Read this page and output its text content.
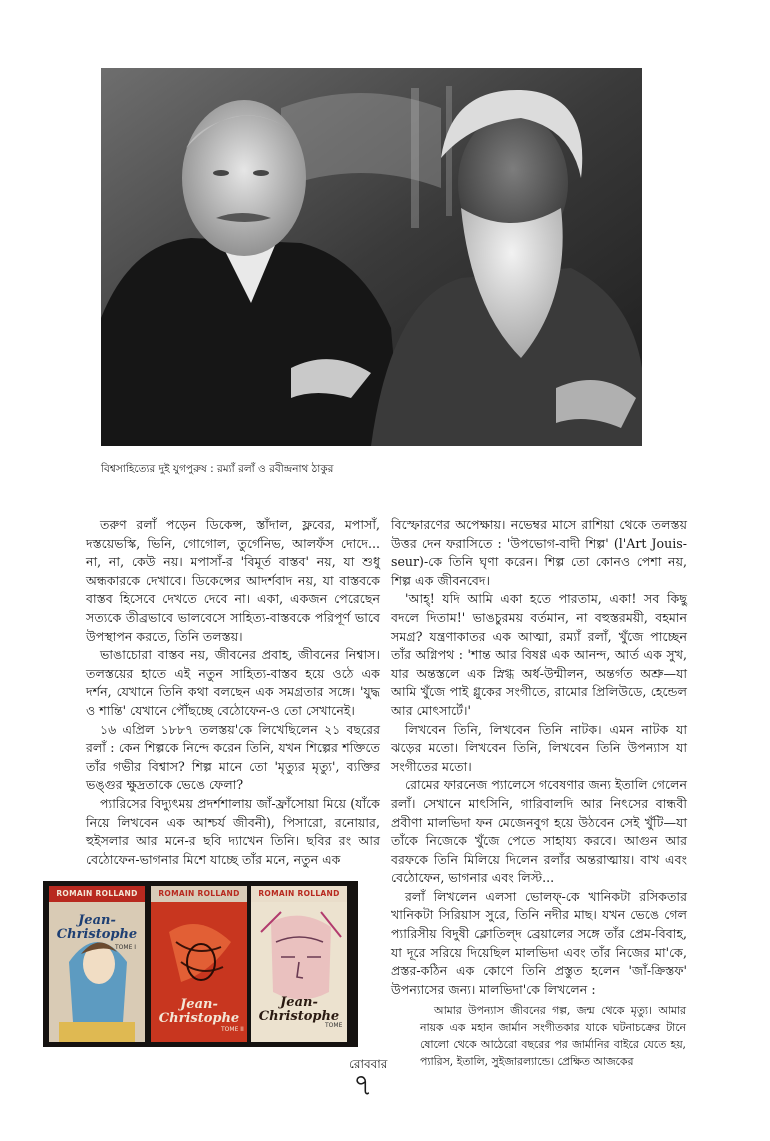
বিশ্বসাহিত্যের দুই যুগপুরুষ : রম্যাঁ রলাঁ ও রবীন্দ্রনাথ ঠাকুর

তরুণ রলাঁ পড়েন ডিকেন্স, স্তাঁদাল, ফ্লবের, মপাসাঁ, দস্তয়েভস্কি, ভিনি, গোগোল, তুর্গেনিভ, আলফঁস দোদে... না, না, কেউ নয়। মপাসাঁ-র 'বিমূর্ত বাস্তব' নয়, যা শুধু অন্ধকারকে দেখাবে। ডিকেন্সের আদর্শবাদ নয়, যা বাস্তবকে বাস্তব হিসেবে দেখতে দেবে না। একা, একজন পেরেছেন সত্যকে তীব্রভাবে ভালবেসে সাহিত্য-বাস্তবকে পরিপূর্ণ ভাবে উপস্থাপন করতে, তিনি তলস্তয়।

ভাঙাচোরা বাস্তব নয়, জীবনের প্রবাহ, জীবনের নিশ্বাস। তলস্তয়ের হাতে এই নতুন সাহিত্য-বাস্তব হয়ে ওঠে এক দর্শন, যেখানে তিনি কথা বলছেন এক সমগ্রতার সঙ্গে। 'যুদ্ধ ও শান্তি' যেখানে পৌঁছচ্ছে বেঠোফেন-ও তো সেখানেই।

১৬ এপ্রিল ১৮৮৭ তলস্তয়'কে লিখেছিলেন ২১ বছরের রলাঁ : কেন শিল্পকে নিন্দে করেন তিনি, যখন শিল্পের শক্তিতে তাঁর গভীর বিশ্বাস? শিল্প মানে তো 'মৃত্যুর মৃত্যু', ব্যক্তির ভঙ্গুর ক্ষুদ্রতাকে ভেঙে ফেলা?

প্যারিসের বিদ্যুৎময় প্রদর্শশালায় জাঁ-ফ্রাঁসোয়া মিয়ে (যাঁকে নিয়ে লিখবেন এক আশ্চর্য জীবনী), পিসারো, রনোয়ার, হুইসলার আর মনে-র ছবি দ্যাখেন তিনি। ছবির রং আর বেঠোফেন-ভাগনার মিশে যাচ্ছে তাঁর মনে, নতুন এক

বিস্ফোরণের অপেক্ষায়। নভেম্বর মাসে রাশিয়া থেকে তলস্তয় উত্তর দেন ফরাসিতে : 'উপভোগ-বাদী শিল্প' (l'Art Jouis-seur)-কে তিনি ঘৃণা করেন। শিল্প তো কোনও পেশা নয়, শিল্প এক জীবনবেদ।

'আহ্! যদি আমি একা হতে পারতাম, একা! সব কিছু বদলে দিতাম!' ভাঙচুরময় বর্তমান, না বহুস্তরময়ী, বহমান সমগ্র? যন্ত্রণাকাতর এক আত্মা, রম্যাঁ রলাঁ, খুঁজে পাচ্ছেন তাঁর অগ্নিপথ : 'শান্ত আর বিষণ্ণ এক আনন্দ, আর্ত এক সুখ, যার অন্তস্তলে এক স্নিগ্ধ অর্ধ-উন্মীলন, অন্তর্গত অশ্রু—যা আমি খুঁজে পাই গ্লুকের সংগীতে, রামোর প্রিলিউডে, হেন্ডেল আর মোৎসার্টে।'

লিখবেন তিনি, লিখবেন তিনি নাটক। এমন নাটক যা ঝড়ের মতো। লিখবেন তিনি, লিখবেন তিনি উপন্যাস যা সংগীতের মতো।

রোমের ফারনেজ প্যালেসে গবেষণার জন্য ইতালি গেলেন রলাঁ। সেখানে মাৎসিনি, গারিবালদি আর নিৎসের বান্ধবী প্রবীণা মালভিদা ফন মেজেনবুগ হয়ে উঠবেন সেই খুঁটি—যা তাঁকে নিজেকে খুঁজে পেতে সাহায্য করবে। আগুন আর বরফকে তিনি মিলিয়ে দিলেন রলাঁর অন্তরাত্মায়। বাখ এবং বেঠোফেন, ভাগনার এবং লিস্ট...

রলাঁ লিখলেন এলসা ভোলফ্-কে খানিকটা রসিকতার খানিকটা সিরিয়াস সুরে, তিনি নদীর মাছ। যখন ভেঙে গেল প্যারিসীয় বিদুষী ক্লোতিল্‌দ ব্রেয়ালের সঙ্গে তাঁর প্রেম-বিবাহ, যা দূরে সরিয়ে দিয়েছিল মালভিদা এবং তাঁর নিজের মা'কে, প্রস্তর-কঠিন এক কোণে তিনি প্রস্তুত হলেন 'জাঁ-ক্রিস্তফ' উপন্যাসের জন্য। মালভিদা'কে লিখলেন :

আমার উপন্যাস জীবনের গল্প, জন্ম থেকে মৃত্যু। আমার নায়ক এক মহান জার্মান সংগীতকার যাকে ঘটনাচক্রের টানে ষোলো থেকে আঠেরো বছরের পর জার্মানির বাইরে যেতে হয়, প্যারিস, ইতালি, সুইজারল্যান্ডে। প্রেক্ষিত আজকের
ROMAIN ROLLAND
Jean-Christophe
TOME I
ROMAIN ROLLAND
Jean-Christophe
TOME II
ROMAIN ROLLAND
Jean-Christophe
TOME
রোববার
৭
